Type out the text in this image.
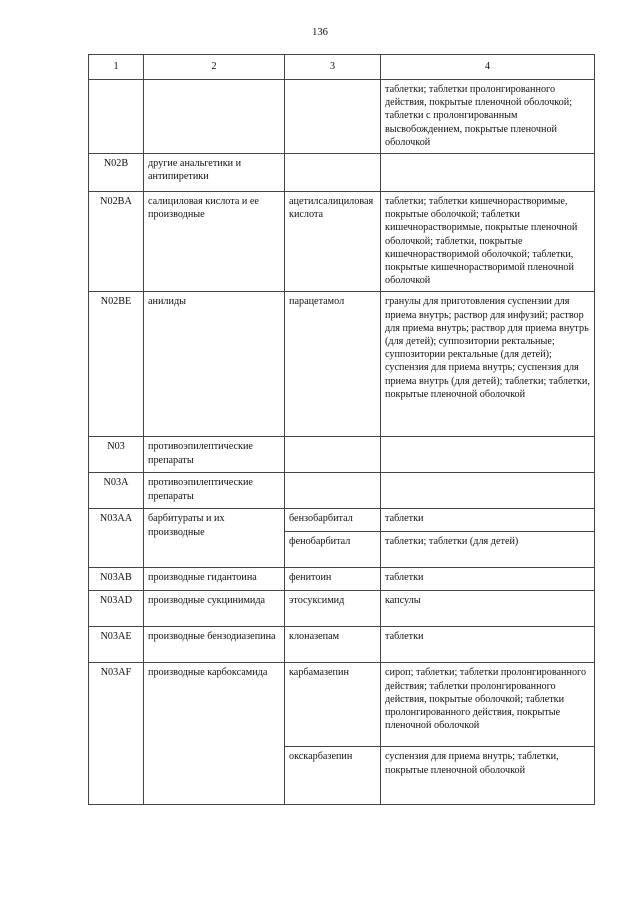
136
1	2	3	4
			таблетки; таблетки пролонгированного действия, покрытые пленочной оболочкой; таблетки с пролонгированным высвобождением, покрытые пленочной оболочкой
N02B	другие анальгетики и антипиретики		
N02BA	салициловая кислота и ее производные	ацетилсалициловая кислота	таблетки; таблетки кишечнорастворимые, покрытые оболочкой; таблетки кишечнорастворимые, покрытые пленочной оболочкой; таблетки, покрытые кишечнорастворимой оболочкой; таблетки, покрытые кишечнорастворимой пленочной оболочкой
N02BE	анилиды	парацетамол	гранулы для приготовления суспензии для приема внутрь; раствор для инфузий; раствор для приема внутрь; раствор для приема внутрь (для детей); суппозитории ректальные; суппозитории ректальные (для детей); суспензия для приема внутрь; суспензия для приема внутрь (для детей); таблетки; таблетки, покрытые пленочной оболочкой
N03	противоэпилептические препараты		
N03A	противоэпилептические препараты		
N03AA	барбитураты и их производные	бензобарбитал	таблетки
		фенобарбитал	таблетки; таблетки (для детей)
N03AB	производные гидантоина	фенитоин	таблетки
N03AD	производные сукцинимида	этосуксимид	капсулы
N03AE	производные бензодиазепина	клоназепам	таблетки
N03AF	производные карбоксамида	карбамазепин	сироп; таблетки; таблетки пролонгированного действия; таблетки пролонгированного действия, покрытые оболочкой; таблетки пролонгированного действия, покрытые пленочной оболочкой
		окскарбазепин	суспензия для приема внутрь; таблетки, покрытые пленочной оболочкой
